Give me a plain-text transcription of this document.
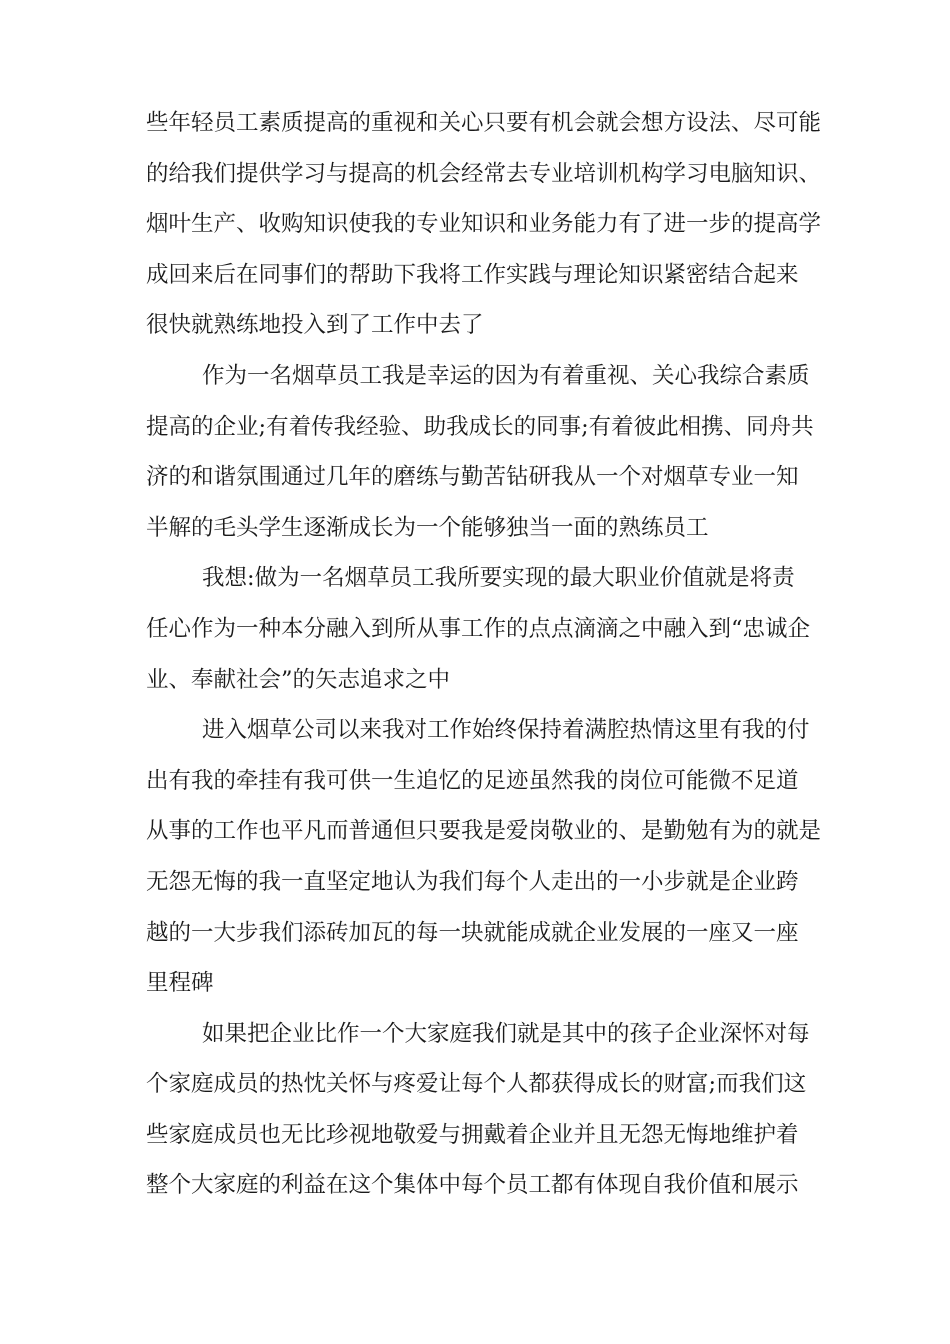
些年轻员工素质提高的重视和关心只要有机会就会想方设法、尽可能
的给我们提供学习与提高的机会经常去专业培训机构学习电脑知识、
烟叶生产、收购知识使我的专业知识和业务能力有了进一步的提高学
成回来后在同事们的帮助下我将工作实践与理论知识紧密结合起来
很快就熟练地投入到了工作中去了
作为一名烟草员工我是幸运的因为有着重视、关心我综合素质
提高的企业;有着传我经验、助我成长的同事;有着彼此相携、同舟共
济的和谐氛围通过几年的磨练与勤苦钻研我从一个对烟草专业一知
半解的毛头学生逐渐成长为一个能够独当一面的熟练员工
我想:做为一名烟草员工我所要实现的最大职业价值就是将责
任心作为一种本分融入到所从事工作的点点滴滴之中融入到“忠诚企
业、奉献社会”的矢志追求之中
进入烟草公司以来我对工作始终保持着满腔热情这里有我的付
出有我的牵挂有我可供一生追忆的足迹虽然我的岗位可能微不足道
从事的工作也平凡而普通但只要我是爱岗敬业的、是勤勉有为的就是
无怨无悔的我一直坚定地认为我们每个人走出的一小步就是企业跨
越的一大步我们添砖加瓦的每一块就能成就企业发展的一座又一座
里程碑
如果把企业比作一个大家庭我们就是其中的孩子企业深怀对每
个家庭成员的热忱关怀与疼爱让每个人都获得成长的财富;而我们这
些家庭成员也无比珍视地敬爱与拥戴着企业并且无怨无悔地维护着
整个大家庭的利益在这个集体中每个员工都有体现自我价值和展示
